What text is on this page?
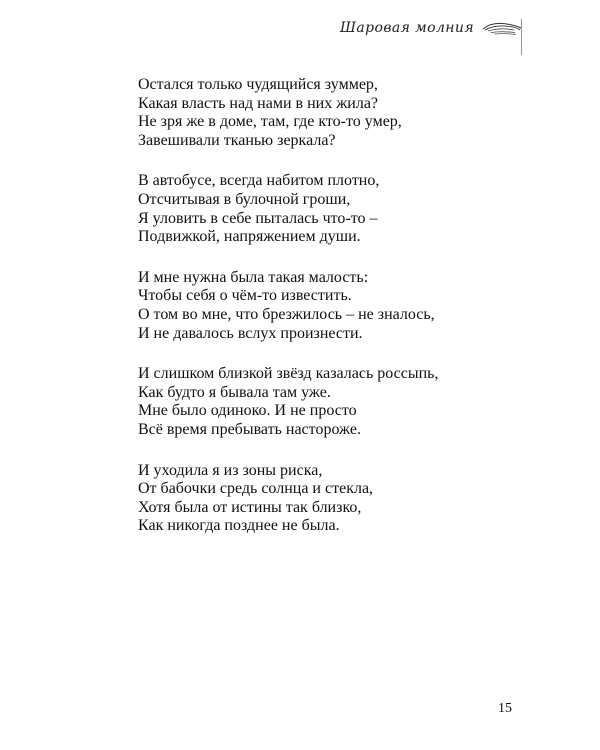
Шаровая молния
Остался только чудящийся зуммер,
Какая власть над нами в них жила?
Не зря же в доме, там, где кто-то умер,
Завешивали тканью зеркала?
В автобусе, всегда набитом плотно,
Отсчитывая в булочной гроши,
Я уловить в себе пыталась что-то –
Подвижкой, напряжением души.
И мне нужна была такая малость:
Чтобы себя о чём-то известить.
О том во мне, что брезжилось – не зналось,
И не давалось вслух произнести.
И слишком близкой звёзд казалась россыпь,
Как будто я бывала там уже.
Мне было одиноко. И не просто
Всё время пребывать настороже.
И уходила я из зоны риска,
От бабочки средь солнца и стекла,
Хотя была от истины так близко,
Как никогда позднее не была.
15
